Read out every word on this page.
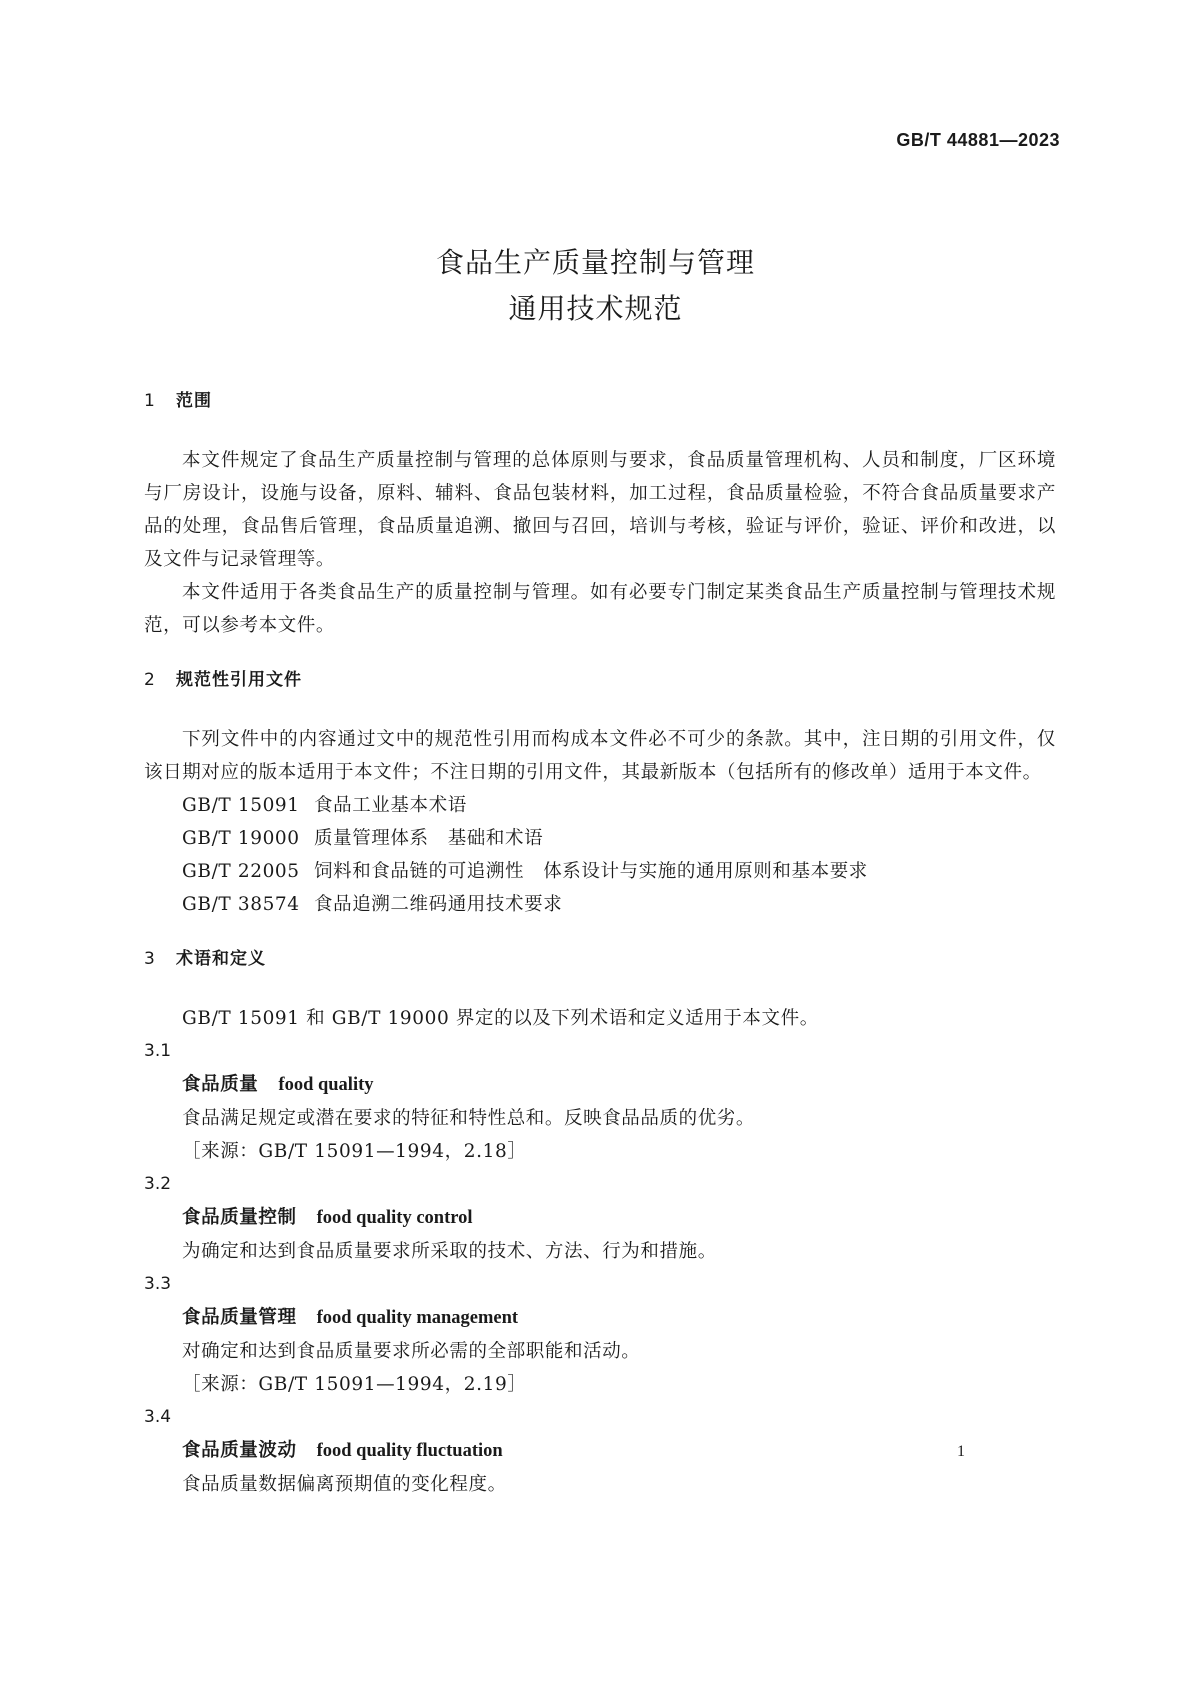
GB/T 44881—2023
食品生产质量控制与管理
通用技术规范
1 范围

本文件规定了食品生产质量控制与管理的总体原则与要求，食品质量管理机构、人员和制度，厂区环境与厂房设计，设施与设备，原料、辅料、食品包装材料，加工过程，食品质量检验，不符合食品质量要求产品的处理，食品售后管理，食品质量追溯、撤回与召回，培训与考核，验证与评价，验证、评价和改进，以及文件与记录管理等。

本文件适用于各类食品生产的质量控制与管理。如有必要专门制定某类食品生产质量控制与管理技术规范，可以参考本文件。

2 规范性引用文件

下列文件中的内容通过文中的规范性引用而构成本文件必不可少的条款。其中，注日期的引用文件，仅该日期对应的版本适用于本文件；不注日期的引用文件，其最新版本（包括所有的修改单）适用于本文件。

GB/T 15091 食品工业基本术语
GB/T 19000 质量管理体系　基础和术语
GB/T 22005 饲料和食品链的可追溯性　体系设计与实施的通用原则和基本要求
GB/T 38574 食品追溯二维码通用技术要求
3 术语和定义

GB/T 15091 和 GB/T 19000 界定的以及下列术语和定义适用于本文件。

3.1
食品质量 food quality
食品满足规定或潜在要求的特征和特性总和。反映食品品质的优劣。
［来源：GB/T 15091—1994，2.18］
3.2
食品质量控制 food quality control
为确定和达到食品质量要求所采取的技术、方法、行为和措施。
3.3
食品质量管理 food quality management
对确定和达到食品质量要求所必需的全部职能和活动。
［来源：GB/T 15091—1994，2.19］
3.4
食品质量波动 food quality fluctuation
食品质量数据偏离预期值的变化程度。
1
